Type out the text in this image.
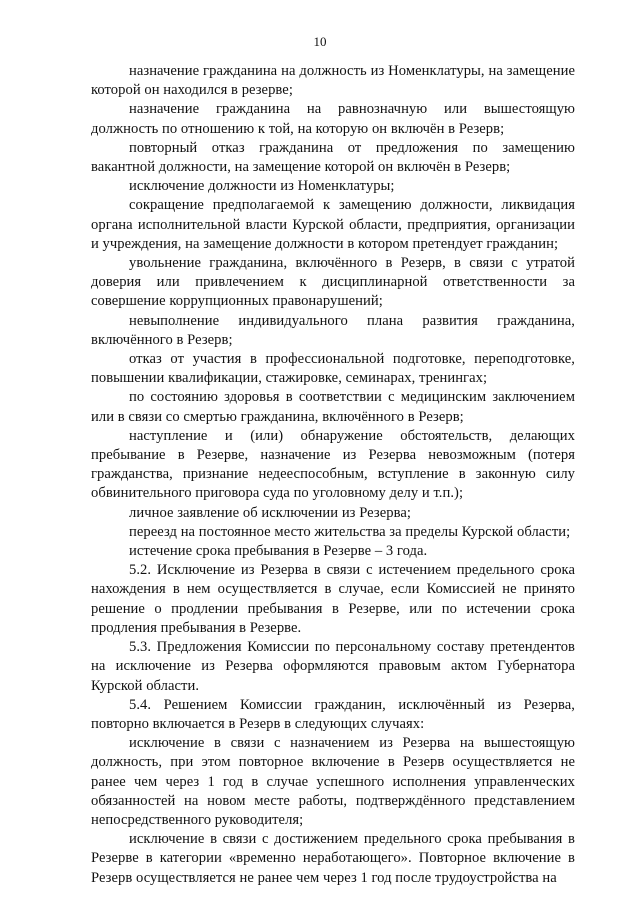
10

назначение гражданина на должность из Номенклатуры, на замещение которой он находился в резерве;

назначение гражданина на равнозначную или вышестоящую должность по отношению к той, на которую он включён в Резерв;

повторный отказ гражданина от предложения по замещению вакантной должности, на замещение которой он включён в Резерв;

исключение должности из Номенклатуры;

сокращение предполагаемой к замещению должности, ликвидация органа исполнительной власти Курской области, предприятия, организации и учреждения, на замещение должности в котором претендует гражданин;

увольнение гражданина, включённого в Резерв, в связи с утратой доверия или привлечением к дисциплинарной ответственности за совершение коррупционных правонарушений;

невыполнение индивидуального плана развития гражданина, включённого в Резерв;

отказ от участия в профессиональной подготовке, переподготовке, повышении квалификации, стажировке, семинарах, тренингах;

по состоянию здоровья в соответствии с медицинским заключением или в связи со смертью гражданина, включённого в Резерв;

наступление и (или) обнаружение обстоятельств, делающих пребывание в Резерве, назначение из Резерва невозможным (потеря гражданства, признание недееспособным, вступление в законную силу обвинительного приговора суда по уголовному делу и т.п.);

личное заявление об исключении из Резерва;

переезд на постоянное место жительства за пределы Курской области;

истечение срока пребывания в Резерве – 3 года.

5.2. Исключение из Резерва в связи с истечением предельного срока нахождения в нем осуществляется в случае, если Комиссией не принято решение о продлении пребывания в Резерве, или по истечении срока продления пребывания в Резерве.

5.3. Предложения Комиссии по персональному составу претендентов на исключение из Резерва оформляются правовым актом Губернатора Курской области.

5.4. Решением Комиссии гражданин, исключённый из Резерва, повторно включается в Резерв в следующих случаях:

исключение в связи с назначением из Резерва на вышестоящую должность, при этом повторное включение в Резерв осуществляется не ранее чем через 1 год в случае успешного исполнения управленческих обязанностей на новом месте работы, подтверждённого представлением непосредственного руководителя;

исключение в связи с достижением предельного срока пребывания в Резерве в категории «временно неработающего». Повторное включение в Резерв осуществляется не ранее чем через 1 год после трудоустройства на
